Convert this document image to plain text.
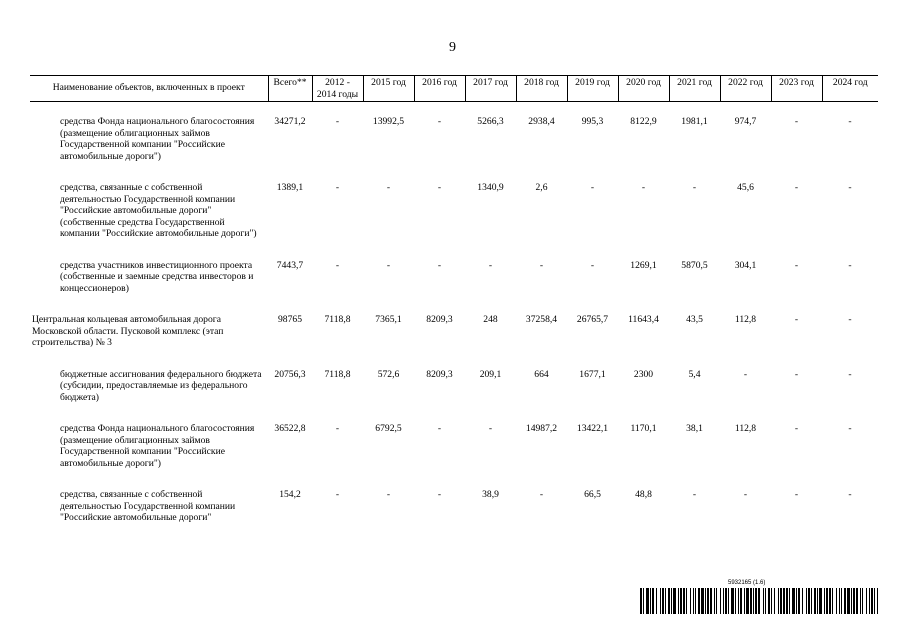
9
Наименование объектов, включенных в проект	Всего**	2012 - 2014 годы	2015 год	2016 год	2017 год	2018 год	2019 год	2020 год	2021 год	2022 год	2023 год	2024 год
средства Фонда национального благосостояния (размещение облигационных займов Государственной компании "Российские автомобильные дороги")	34271,2	-	13992,5	-	5266,3	2938,4	995,3	8122,9	1981,1	974,7	-	-
средства, связанные с собственной деятельностью Государственной компании "Российские автомобильные дороги" (собственные средства Государственной компании "Российские автомобильные дороги")	1389,1	-	-	-	1340,9	2,6	-	-	-	45,6	-	-
средства участников инвестиционного проекта (собственные и заемные средства инвесторов и концессионеров)	7443,7	-	-	-	-	-	-	1269,1	5870,5	304,1	-	-
Центральная кольцевая автомобильная дорога Московской области. Пусковой комплекс (этап строительства) № 3	98765	7118,8	7365,1	8209,3	248	37258,4	26765,7	11643,4	43,5	112,8	-	-
бюджетные ассигнования федерального бюджета (субсидии, предоставляемые из федерального бюджета)	20756,3	7118,8	572,6	8209,3	209,1	664	1677,1	2300	5,4	-	-	-
средства Фонда национального благосостояния (размещение облигационных займов Государственной компании "Российские автомобильные дороги")	36522,8	-	6792,5	-	-	14987,2	13422,1	1170,1	38,1	112,8	-	-
средства, связанные с собственной деятельностью Государственной компании "Российские автомобильные дороги"	154,2	-	-	-	38,9	-	66,5	48,8	-	-	-	-
5932165 (1.6)
